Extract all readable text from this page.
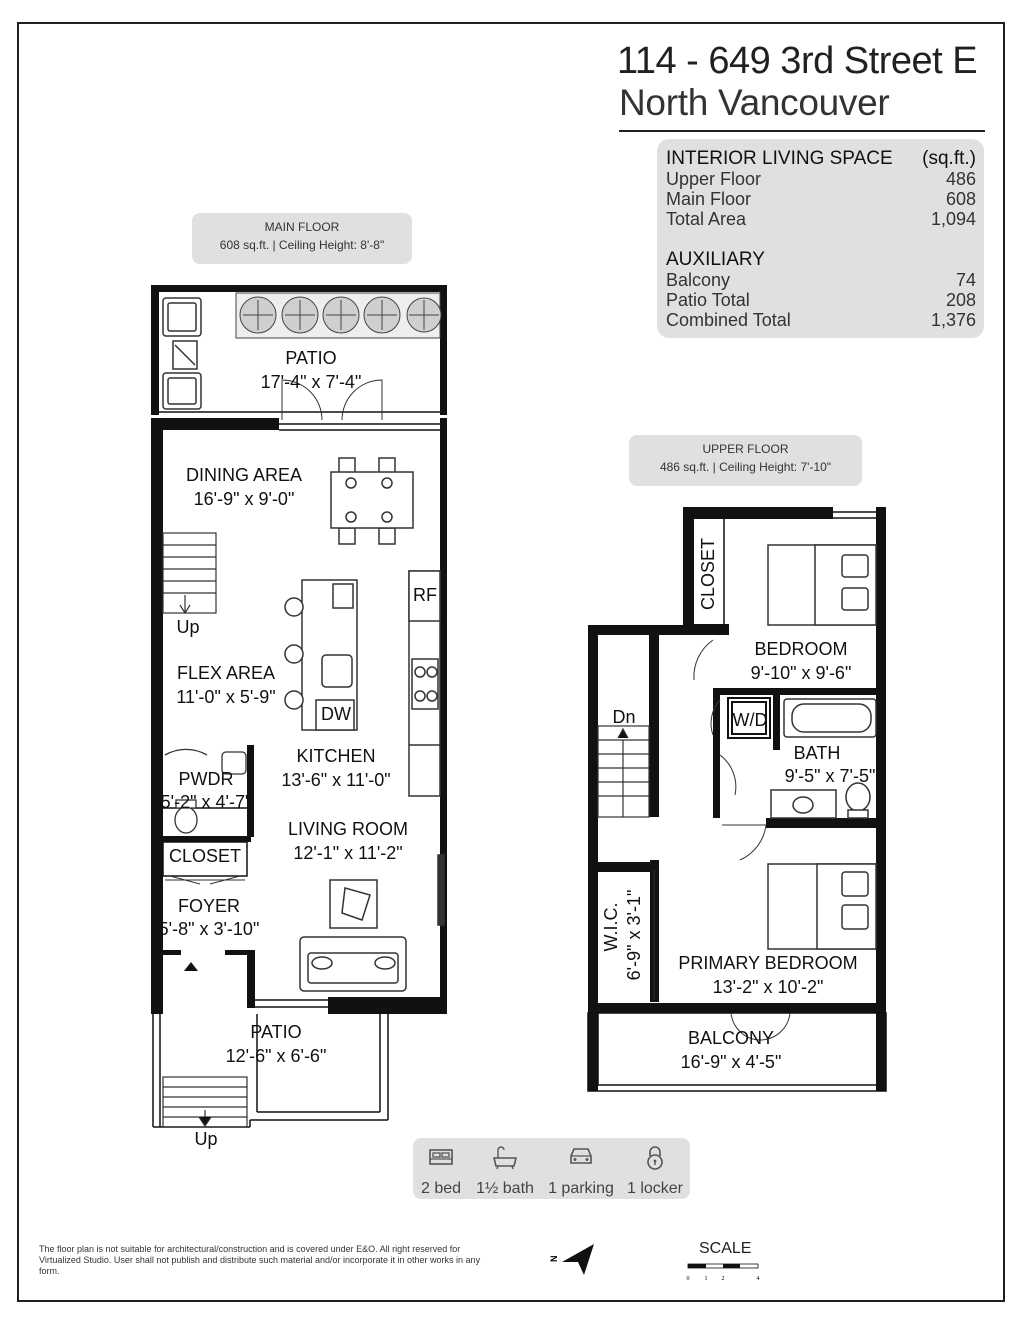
114 - 649 3rd Street E
North Vancouver
INTERIOR LIVING SPACE (sq.ft.)
Upper Floor	486
Main Floor	608
Total Area	1,094
AUXILIARY
Balcony	74
Patio Total	208
Combined Total	1,376
MAIN FLOOR
608 sq.ft. | Ceiling Height: 8'-8"
UPPER FLOOR
486 sq.ft. | Ceiling Height: 7'-10"
PATIO
17'-4" x 7'-4"
DINING AREA
16'-9" x 9'-0"
Up
RF
FLEX AREA
11'-0" x 5'-9"
DW
KITCHEN
13'-6" x 11'-0"
PWDR
5'-2" x 4'-7"
LIVING ROOM
12'-1" x 11'-2"
CLOSET
FOYER
5'-8" x 3'-10"
PATIO
12'-6" x 6'-6"
Up
CLOSET
BEDROOM
9'-10" x 9'-6"
Dn	W/D
BATH
9'-5" x 7'-5"
W.I.C. 6'-9" x 3'-1" PRIMARY BEDROOM
13'-2" x 10'-2"
BALCONY
16'-9" x 4'-5"
N
0	1 2	4
2 bed 1½ bath 1 parking 1 locker
The floor plan is not suitable for architectural/construction and is covered under E&O. All right reserved for Virtualized Studio. User shall not publish and distribute such material and/or incorporate it in other works in any form.
SCALE
